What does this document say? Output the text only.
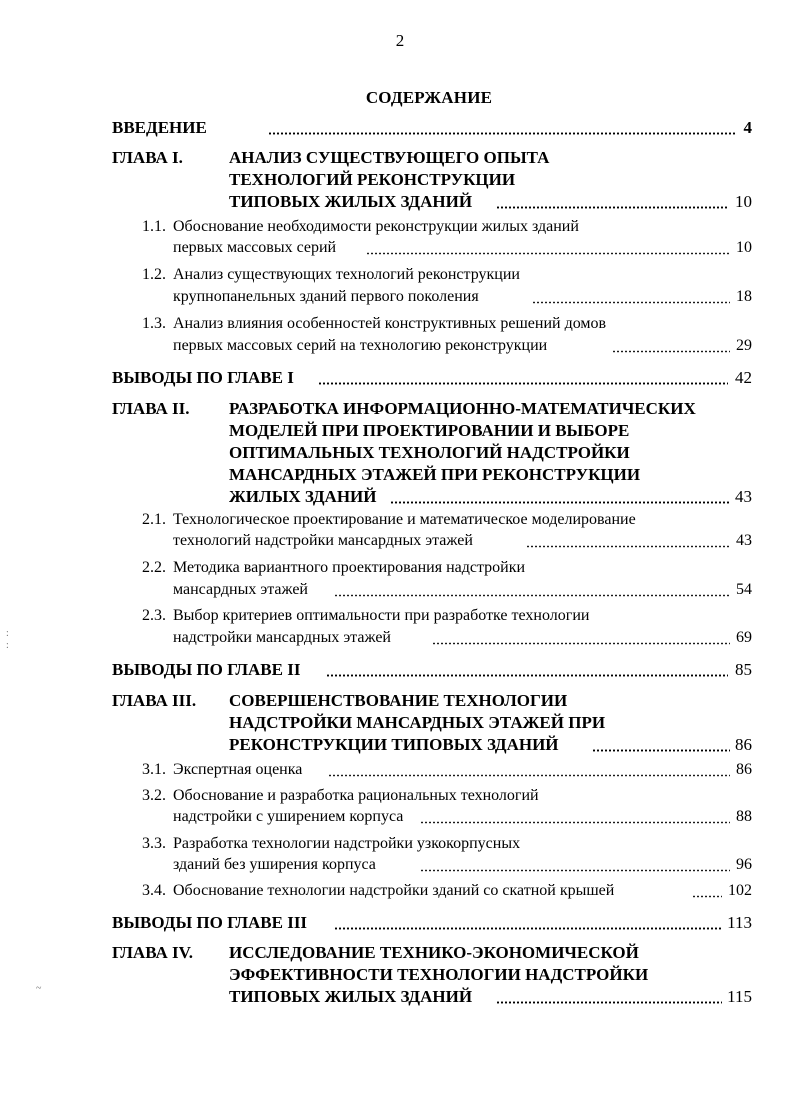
2
СОДЕРЖАНИЕ
:
:
~
ВВЕДЕНИЕ	4
ГЛАВА I.	АНАЛИЗ СУЩЕСТВУЮЩЕГО ОПЫТА
ТЕХНОЛОГИЙ РЕКОНСТРУКЦИИ
ТИПОВЫХ ЖИЛЫХ ЗДАНИЙ	10
1.1. Обоснование необходимости реконструкции жилых зданий
первых массовых серий	10
1.2. Анализ существующих технологий реконструкции
крупнопанельных зданий первого поколения	18
1.3. Анализ влияния особенностей конструктивных решений домов
первых массовых серий на технологию реконструкции	29
ВЫВОДЫ ПО ГЛАВЕ I	42
ГЛАВА II. РАЗРАБОТКА ИНФОРМАЦИОННО-МАТЕМАТИЧЕСКИХ
МОДЕЛЕЙ ПРИ ПРОЕКТИРОВАНИИ И ВЫБОРЕ
ОПТИМАЛЬНЫХ ТЕХНОЛОГИЙ НАДСТРОЙКИ
МАНСАРДНЫХ ЭТАЖЕЙ ПРИ РЕКОНСТРУКЦИИ
ЖИЛЫХ ЗДАНИЙ	43
2.1. Технологическое проектирование и математическое моделирование
технологий надстройки мансардных этажей	43
2.2. Методика вариантного проектирования надстройки
мансардных этажей	54
2.3. Выбор критериев оптимальности при разработке технологии
надстройки мансардных этажей	69
ВЫВОДЫ ПО ГЛАВЕ II	85
ГЛАВА III. СОВЕРШЕНСТВОВАНИЕ ТЕХНОЛОГИИ
НАДСТРОЙКИ МАНСАРДНЫХ ЭТАЖЕЙ ПРИ
РЕКОНСТРУКЦИИ ТИПОВЫХ ЗДАНИЙ	86
3.1. Экспертная оценка	86
3.2. Обоснование и разработка рациональных технологий
надстройки с уширением корпуса	88
3.3. Разработка технологии надстройки узкокорпусных
зданий без уширения корпуса	96
3.4. Обоснование технологии надстройки зданий со скатной крышей	102
ВЫВОДЫ ПО ГЛАВЕ III	113
ГЛАВА IV. ИССЛЕДОВАНИЕ ТЕХНИКО-ЭКОНОМИЧЕСКОЙ
ЭФФЕКТИВНОСТИ ТЕХНОЛОГИИ НАДСТРОЙКИ
ТИПОВЫХ ЖИЛЫХ ЗДАНИЙ	115
